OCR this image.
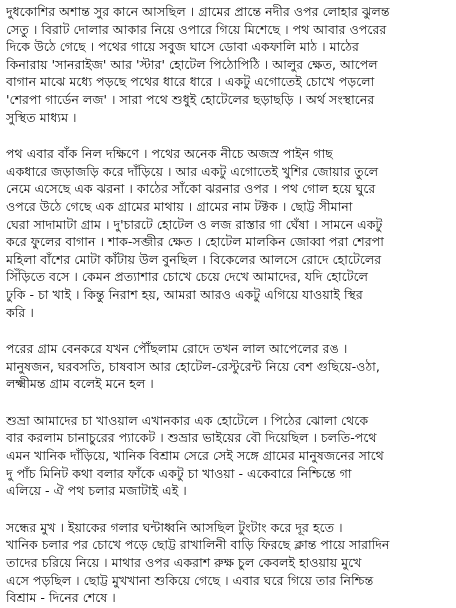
দুধকোশির অশান্ত সুর কানে আসছিল । গ্রামের প্রান্তে নদীর ওপর লোহার ঝুলন্ত
সেতু । বিরাট দোলার আকার নিয়ে ওপারে গিয়ে মিশেছে । পথ আবার ওপরের
দিকে উঠে গেছে । পথের গায়ে সবুজ ঘাসে ডোবা একফালি মাঠ । মাঠের
কিনারায় 'সানরাইজ' আর 'স্টার' হোটেল পিঠোপিঠি । আলুর ক্ষেত, আপেল
বাগান মাঝে মধ্যে পড়ছে পথের ধারে ধারে । একটু এগোতেই চোখে পড়লো
'শেরপা গার্ডেন লজ' । সারা পথে শুধুই হোটেলের ছড়াছড়ি । অর্থ সংস্থানের
সুস্থিত মাধ্যম ।
পথ এবার বাঁক নিল দক্ষিণে । পথের অনেক নীচে অজস্র পাইন গাছ
একধারে জড়াজড়ি করে দাঁড়িয়ে । আর একটু এগোতেই খুশির জোয়ার তুলে
নেমে এসেছে এক ঝরনা । কাঠের সাঁকো ঝরনার ওপর । পথ গোল হয়ে ঘুরে
ওপরে উঠে গেছে এক গ্রামের মাথায় । গ্রামের নাম টক্টক । ছোট্ট সীমানা
ঘেরা সাদামাটা গ্রাম । দু'চারটে হোটেল ও লজ রাস্তার গা ঘেঁষা । সামনে একটু
করে ফুলের বাগান । শাক-সব্জীর ক্ষেত । হোটেল মালকিন জোব্বা পরা শেরপা
মহিলা বাঁশের মোটা কাঁটায় উল বুনছিল । বিকেলের আলসে রোদে হোটেলের
সিঁড়িতে বসে । কেমন প্রত্যাশার চোখে চেয়ে দেখে আমাদের, যদি হোটেলে
ঢুকি - চা খাই । কিন্তু নিরাশ হয়, আমরা আরও একটু এগিয়ে যাওয়াই স্থির
করি ।
পরের গ্রাম বেনকরে যখন পৌঁছলাম রোদে তখন লাল আপেলের রঙ ।
মানুষজন, ঘরবসতি, চাষবাস আর হোটেল-রেস্টুরেন্ট নিয়ে বেশ গুছিয়ে-ওঠা,
লক্ষ্মীমন্ত গ্রাম বলেই মনে হল ।
শুভ্রা আমাদের চা খাওয়াল এখানকার এক হোটেলে । পিঠের ঝোলা থেকে
বার করলাম চানাচুরের প্যাকেট । শুভ্রার ভাইয়ের বৌ দিয়েছিল । চলতি-পথে
এমন খানিক দাঁড়িয়ে, খানিক বিশ্রাম সেরে সেই সঙ্গে গ্রামের মানুষজনের সাথে
দু পাঁচ মিনিট কথা বলার ফাঁকে একটু চা খাওয়া - একেবারে নিশ্চিন্তে গা
এলিয়ে - ঐ পথ চলার মজাটাই এই ।
সন্ধের মুখ । ইয়াকের গলার ঘন্টাধ্বনি আসছিল টুংটাং করে দূর হতে ।
খানিক চলার পর চোখে পড়ে ছোট্ট রাখালিনী বাড়ি ফিরছে ক্লান্ত পায়ে সারাদিন
তাদের চরিয়ে নিয়ে । মাথার ওপর একরাশ রুক্ষ চুল কেবলই হাওয়ায় মুখে
এসে পড়ছিল । ছোট্ট মুখখানা শুকিয়ে গেছে । এবার ঘরে গিয়ে তার নিশ্চিন্ত
বিশ্রাম - দিনের শেষে ।
